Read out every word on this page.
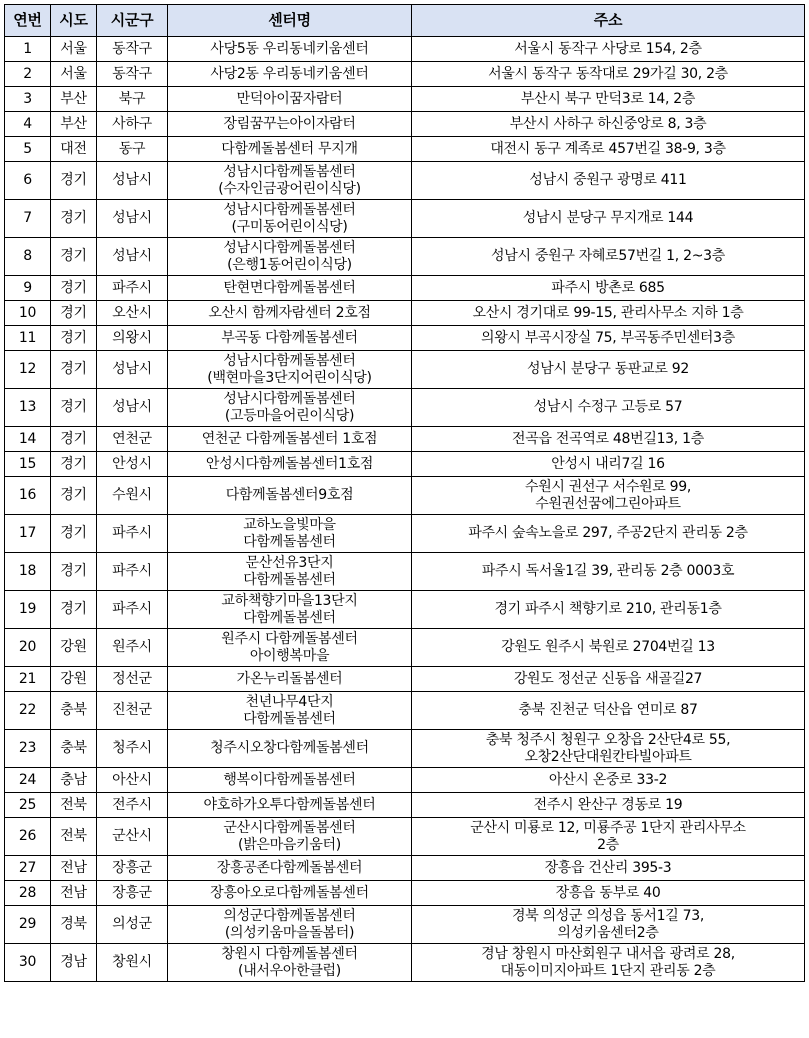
연번	시도	시군구	센터명	주소
1	서울	동작구	사당5동 우리동네키움센터	서울시 동작구 사당로 154, 2층
2	서울	동작구	사당2동 우리동네키움센터	서울시 동작구 동작대로 29가길 30, 2층
3	부산	북구	만덕아이꿈자람터	부산시 북구 만덕3로 14, 2층
4	부산	사하구	장림꿈꾸는아이자람터	부산시 사하구 하신중앙로 8, 3층
5	대전	동구	다함께돌봄센터 무지개	대전시 동구 계족로 457번길 38-9, 3층
6	경기	성남시	성남시다함께돌봄센터
(수자인금광어린이식당)	성남시 중원구 광명로 411
7	경기	성남시	성남시다함께돌봄센터
(구미동어린이식당)	성남시 분당구 무지개로 144
8	경기	성남시	성남시다함께돌봄센터
(은행1동어린이식당)	성남시 중원구 자혜로57번길 1, 2~3층
9	경기	파주시	탄현면다함께돌봄센터	파주시 방촌로 685
10	경기	오산시	오산시 함께자람센터 2호점	오산시 경기대로 99-15, 관리사무소 지하 1층
11	경기	의왕시	부곡동 다함께돌봄센터	의왕시 부곡시장실 75, 부곡동주민센터3층
12	경기	성남시	성남시다함께돌봄센터
(백현마을3단지어린이식당)	성남시 분당구 동판교로 92
13	경기	성남시	성남시다함께돌봄센터
(고등마을어린이식당)	성남시 수정구 고등로 57
14	경기	연천군	연천군 다함께돌봄센터 1호점	전곡읍 전곡역로 48번길13, 1층
15	경기	안성시	안성시다함께돌봄센터1호점	안성시 내리7길 16
16	경기	수원시	다함께돌봄센터9호점	수원시 권선구 서수원로 99,
수원권선꿈에그린아파트
17	경기	파주시	교하노을빛마을
다함께돌봄센터	파주시 숲속노을로 297, 주공2단지 관리동 2층
18	경기	파주시	문산선유3단지
다함께돌봄센터	파주시 독서울1길 39, 관리동 2층 0003호
19	경기	파주시	교하책향기마을13단지
다함께돌봄센터	경기 파주시 책향기로 210, 관리동1층
20	강원	원주시	원주시 다함께돌봄센터
아이행복마을	강원도 원주시 북원로 2704번길 13
21	강원	정선군	가온누리돌봄센터	강원도 정선군 신동읍 새골길27
22	충북	진천군	천년나무4단지
다함께돌봄센터	충북 진천군 덕산읍 연미로 87
23	충북	청주시	청주시오창다함께돌봄센터	충북 청주시 청원구 오창읍 2산단4로 55,
오창2산단대원칸타빌아파트
24	충남	아산시	행복이다함께돌봄센터	아산시 온중로 33-2
25	전북	전주시	야호하가오투다함께돌봄센터	전주시 완산구 경동로 19
26	전북	군산시	군산시다함께돌봄센터
(밝은마음키움터)	군산시 미룡로 12, 미룡주공 1단지 관리사무소
2층
27	전남	장흥군	장흥공존다함께돌봄센터	장흥읍 건산리 395-3
28	전남	장흥군	장흥아오로다함께돌봄센터	장흥읍 동부로 40
29	경북	의성군	의성군다함께돌봄센터
(의성키움마을돌봄터)	경북 의성군 의성읍 동서1길 73,
의성키움센터2층
30	경남	창원시	창원시 다함께돌봄센터
(내서우아한클럽)	경남 창원시 마산회원구 내서읍 광려로 28,
대동이미지아파트 1단지 관리동 2층
